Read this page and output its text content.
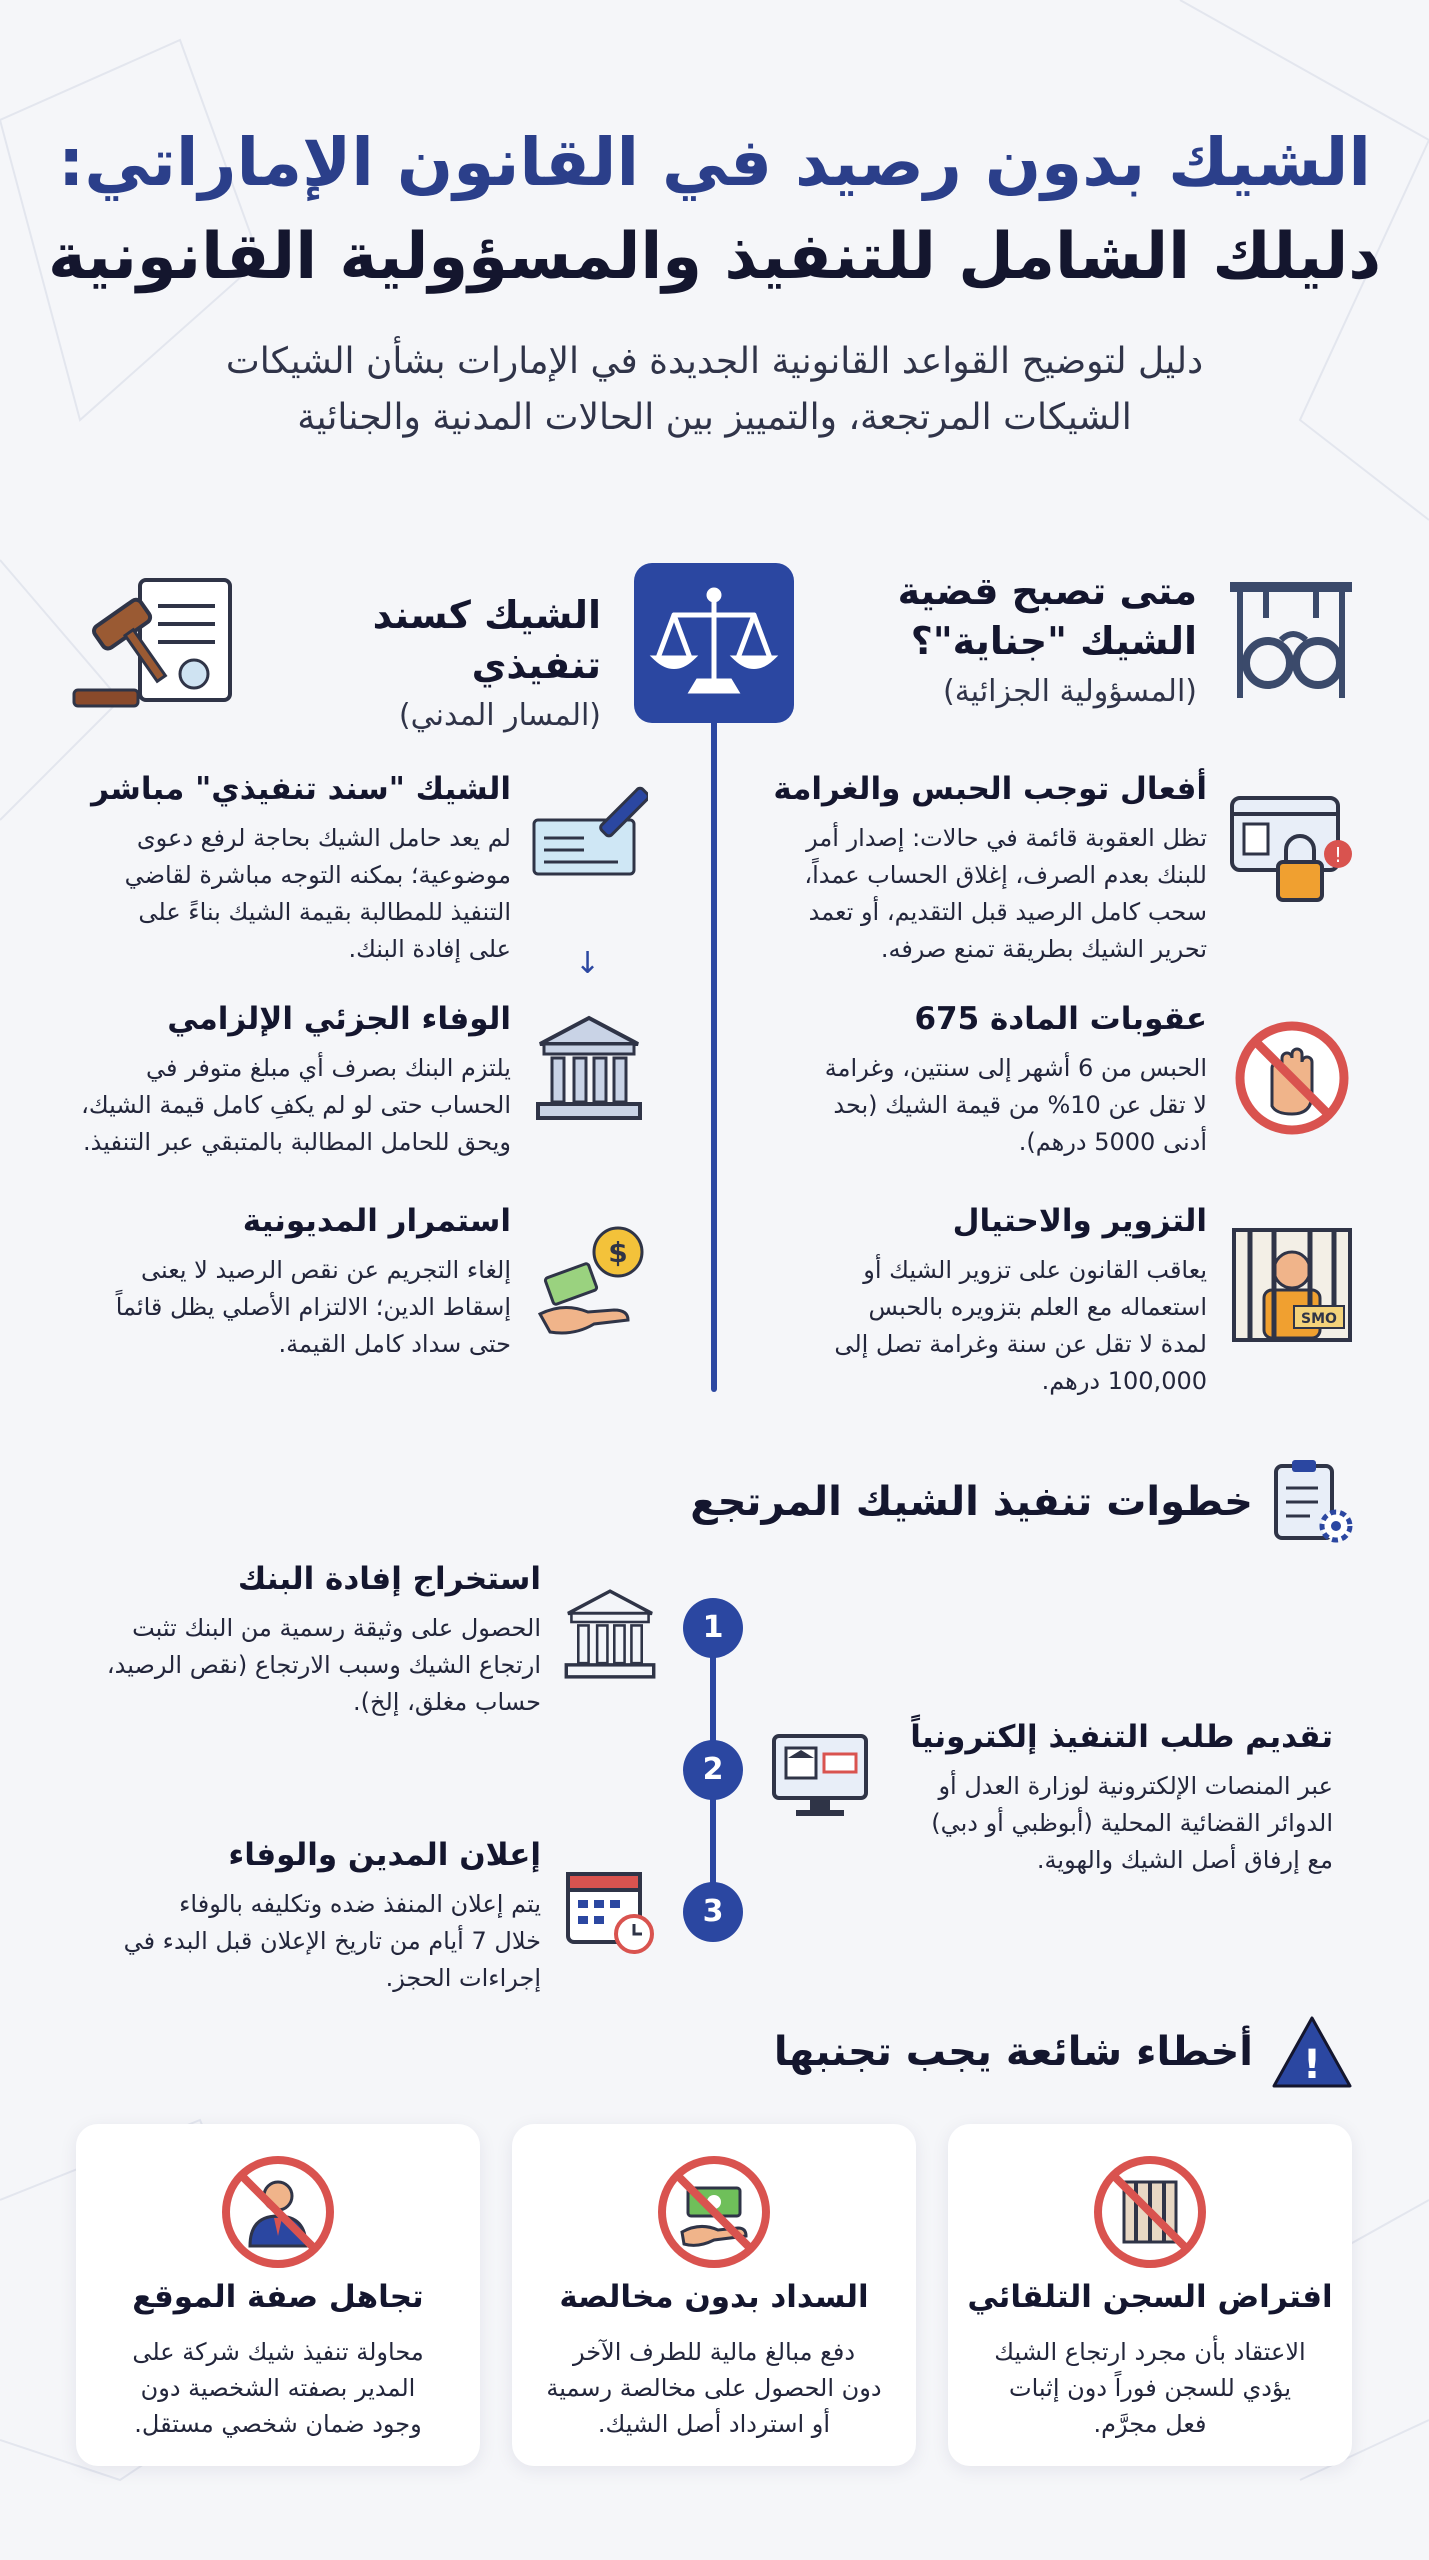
الشيك بدون رصيد في القانون الإماراتي:
دليلك الشامل للتنفيذ والمسؤولية القانونية
دليل لتوضيح القواعد القانونية الجديدة في الإمارات بشأن الشيكات
الشيكات المرتجعة، والتمييز بين الحالات المدنية والجنائية
متى تصبح قضية
الشيك "جناية"؟
(المسؤولية الجزائية)
الشيك كسند تنفيذي
(المسار المدني)
!
أفعال توجب الحبس والغرامة
تظل العقوبة قائمة في حالات: إصدار أمر
للبنك بعدم الصرف، إغلاق الحساب عمداً،
سحب كامل الرصيد قبل التقديم، أو تعمد
تحرير الشيك بطريقة تمنع صرفه.
عقوبات المادة 675
الحبس من 6 أشهر إلى سنتين، وغرامة
لا تقل عن 10% من قيمة الشيك (بحد
أدنى 5000 درهم).
SMO
التزوير والاحتيال
يعاقب القانون على تزوير الشيك أو
استعماله مع العلم بتزويره بالحبس
لمدة لا تقل عن سنة وغرامة تصل إلى
100,000 درهم.
الشيك "سند تنفيذي" مباشر
لم يعد حامل الشيك بحاجة لرفع دعوى
موضوعية؛ بمكنه التوجه مباشرة لقاضي
التنفيذ للمطالبة بقيمة الشيك بناءً على
على إفادة البنك. ↓
الوفاء الجزئي الإلزامي
يلتزم البنك بصرف أي مبلغ متوفر في
الحساب حتى لو لم يكفِ كامل قيمة الشيك،
ويحق للحامل المطالبة بالمتبقي عبر التنفيذ.
$
استمرار المديونية
إلغاء التجريم عن نقص الرصيد لا يعنى
إسقاط الدين؛ الالتزام الأصلي يظل قائماً
حتى سداد كامل القيمة.
خطوات تنفيذ الشيك المرتجع
1
2
3
استخراج إفادة البنك
الحصول على وثيقة رسمية من البنك تثبت
ارتجاع الشيك وسبب الارتجاع (نقص الرصيد،
حساب مغلق، إلخ).
تقديم طلب التنفيذ إلكترونياً
عبر المنصات الإلكترونية لوزارة العدل أو
الدوائر القضائية المحلية (أبوظبي أو دبي)
مع إرفاق أصل الشيك والهوية.
إعلان المدين والوفاء
يتم إعلان المنفذ ضده وتكليفه بالوفاء
خلال 7 أيام من تاريخ الإعلان قبل البدء في
إجراءات الحجز.
!
أخطاء شائعة يجب تجنبها
افتراض السجن التلقائي
الاعتقاد بأن مجرد ارتجاع الشيك
يؤدي للسجن فوراً دون إثبات
فعل مجرَّم.
السداد بدون مخالصة
دفع مبالغ مالية للطرف الآخر
دون الحصول على مخالصة رسمية
أو استرداد أصل الشيك.
تجاهل صفة الموقع
محاولة تنفيذ شيك شركة على
المدير بصفته الشخصية دون
وجود ضمان شخصي مستقل.
